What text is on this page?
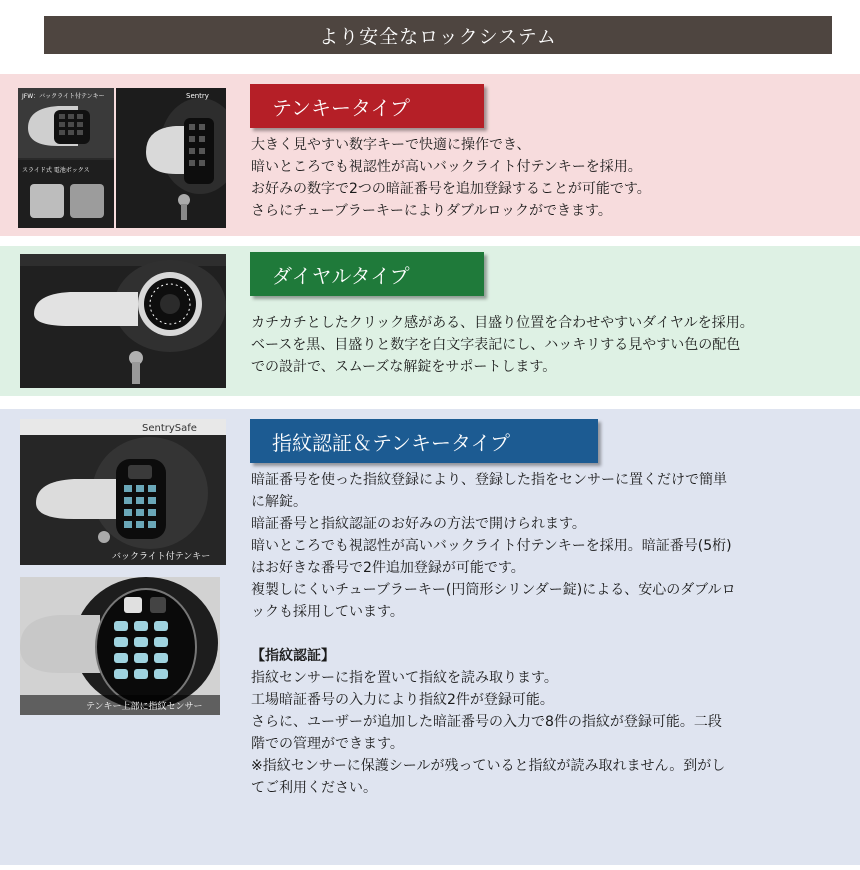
より安全なロックシステム
JFW：バックライト付テンキー
スライド式 電池ボックス
Sentry	テンキータイプ

大きく見やすい数字キーで快適に操作でき、

暗いところでも視認性が高いバックライト付テンキーを採用。

お好みの数字で2つの暗証番号を追加登録することが可能です。

さらにチューブラーキーによりダブルロックができます。

ダイヤルタイプ

カチカチとしたクリック感がある、目盛り位置を合わせやすいダイヤルを採用。

ベースを黒、目盛りと数字を白文字表記にし、ハッキリする見やすい色の配色

での設計で、スムーズな解錠をサポートします。

SentrySafe
バックライト付テンキー
テンキー上部に指紋センサー
指紋認証＆テンキータイプ

暗証番号を使った指紋登録により、登録した指をセンサーに置くだけで簡単

に解錠。

暗証番号と指紋認証のお好みの方法で開けられます。

暗いところでも視認性が高いバックライト付テンキーを採用。暗証番号(5桁)

はお好きな番号で2件追加登録が可能です。

複製しにくいチューブラーキー(円筒形シリンダー錠)による、安心のダブルロ

ックも採用しています。

【指紋認証】

指紋センサーに指を置いて指紋を読み取ります。

工場暗証番号の入力により指紋2件が登録可能。

さらに、ユーザーが追加した暗証番号の入力で8件の指紋が登録可能。二段

階での管理ができます。

※指紋センサーに保護シールが残っていると指紋が読み取れません。到がし

てご利用ください。
